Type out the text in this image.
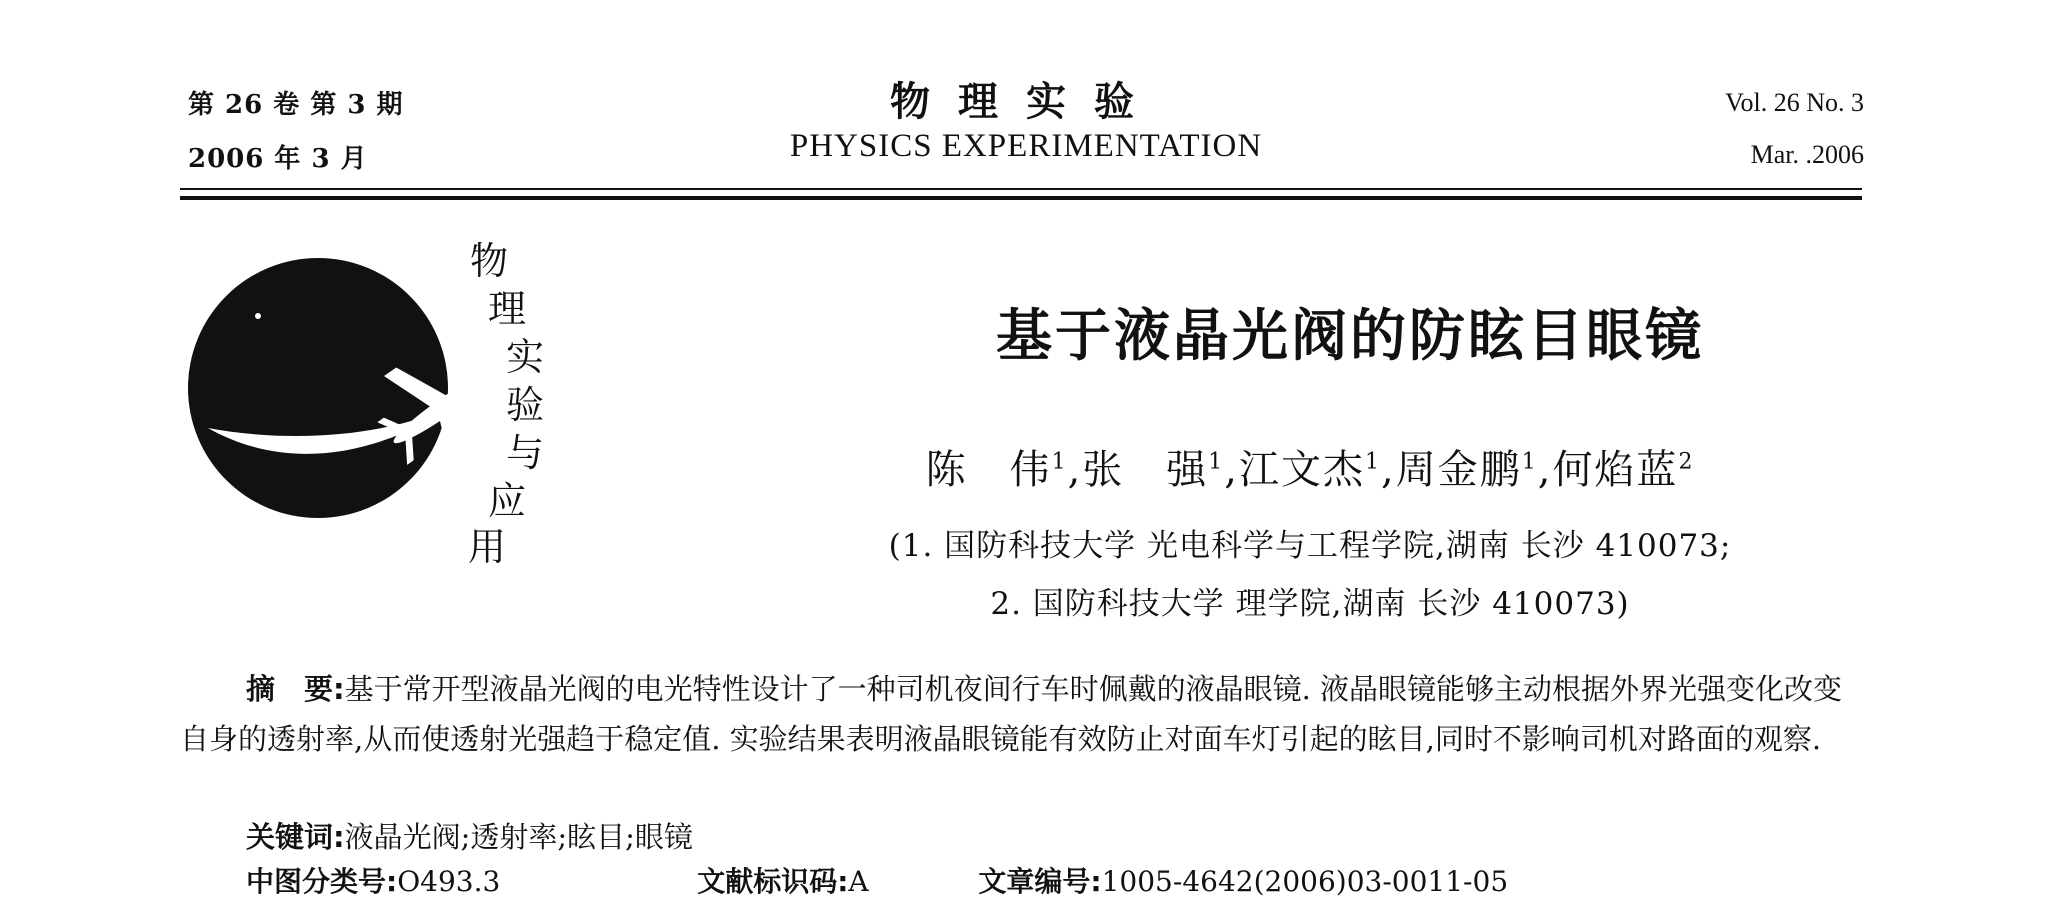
第 26 卷 第 3 期
2006 年 3 月
物理实验
PHYSICS EXPERIMENTATION
Vol. 26 No. 3
Mar. .2006
物
理
实
验
与
应
用
基于液晶光阀的防眩目眼镜
陈　伟$^1$,张　强$^1$,江文杰$^1$,周金鹏$^1$,何焰蓝$^2$
(1. 国防科技大学 光电科学与工程学院,湖南 长沙 410073;
2. 国防科技大学 理学院,湖南 长沙 410073)
摘　要:基于常开型液晶光阀的电光特性设计了一种司机夜间行车时佩戴的液晶眼镜. 液晶眼镜能够主动根据外界光强变化改变自身的透射率,从而使透射光强趋于稳定值. 实验结果表明液晶眼镜能有效防止对面车灯引起的眩目,同时不影响司机对路面的观察.
关键词:液晶光阀;透射率;眩目;眼镜
中图分类号:O493.3	文献标识码:A	文章编号:1005-4642(2006)03-0011-05
